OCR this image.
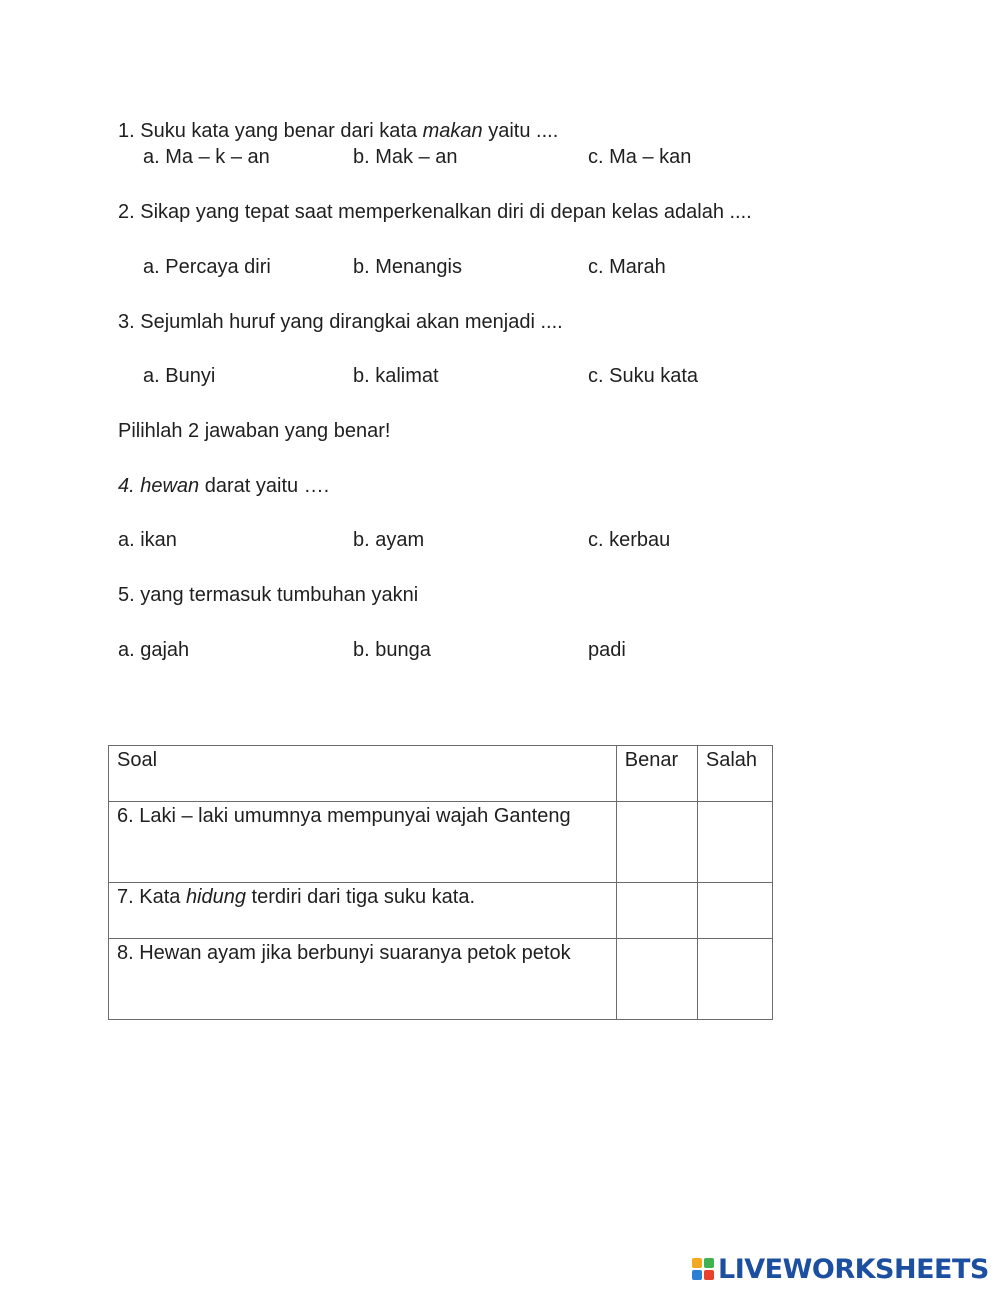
1. Suku kata yang benar dari kata makan yaitu ....
a. Ma – k – an	b. Mak – an	c. Ma – kan
2. Sikap yang tepat saat memperkenalkan diri di depan kelas adalah ....
a. Percaya diri	b. Menangis	c. Marah
3. Sejumlah huruf yang dirangkai akan menjadi ....
a. Bunyi	b. kalimat	c. Suku kata
Pilihlah 2 jawaban yang benar!
4. hewan darat yaitu ….
a. ikan	b. ayam	c. kerbau
5. yang termasuk tumbuhan yakni
a. gajah	b. bunga	padi
Soal	Benar	Salah
6. Laki – laki umumnya mempunyai wajah Ganteng		
7. Kata hidung terdiri dari tiga suku kata.		
8. Hewan ayam jika berbunyi suaranya petok petok		
LIVEWORKSHEETS
